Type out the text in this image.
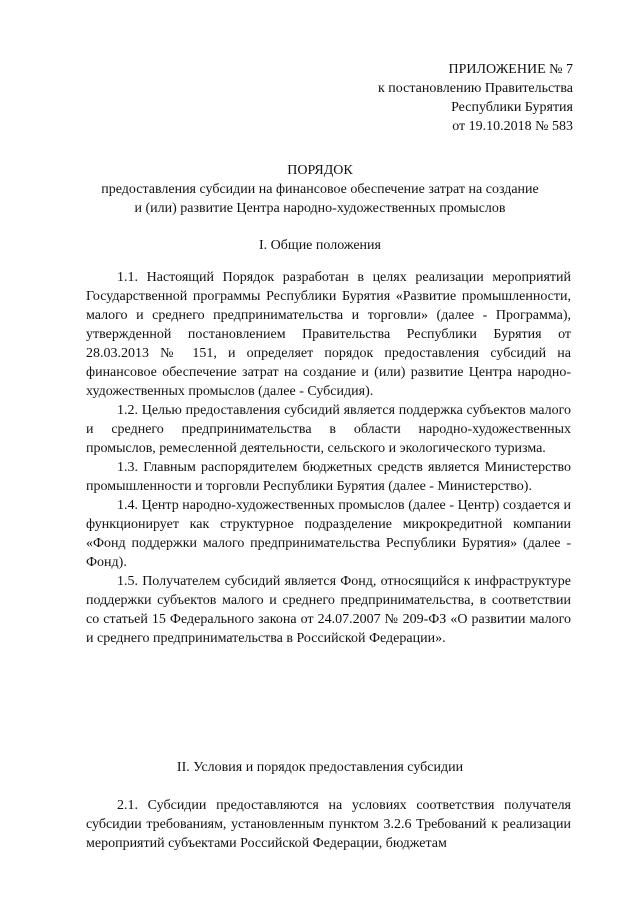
ПРИЛОЖЕНИЕ № 7
к постановлению Правительства
Республики Бурятия
от 19.10.2018 № 583
ПОРЯДОК
предоставления субсидии на финансовое обеспечение затрат на создание
и (или) развитие Центра народно-художественных промыслов
I. Общие положения

1.1. Настоящий Порядок разработан в целях реализации мероприятий Государственной программы Республики Бурятия «Развитие промышленности, малого и среднего предпринимательства и торговли» (далее - Программа), утвержденной постановлением Правительства Республики Бурятия от 28.03.2013 № 151, и определяет порядок предоставления субсидий на финансовое обеспечение затрат на создание и (или) развитие Центра народно-художественных промыслов (далее - Субсидия).

1.2. Целью предоставления субсидий является поддержка субъектов малого и среднего предпринимательства в области народно-художественных промыслов, ремесленной деятельности, сельского и экологического туризма.

1.3. Главным распорядителем бюджетных средств является Министерство промышленности и торговли Республики Бурятия (далее - Министерство).

1.4. Центр народно-художественных промыслов (далее - Центр) создается и функционирует как структурное подразделение микрокредитной компании «Фонд поддержки малого предпринимательства Республики Бурятия» (далее - Фонд).

1.5. Получателем субсидий является Фонд, относящийся к инфраструктуре поддержки субъектов малого и среднего предпринимательства, в соответствии со статьей 15 Федерального закона от 24.07.2007 № 209-ФЗ «О развитии малого и среднего предпринимательства в Российской Федерации».

II. Условия и порядок предоставления субсидии

2.1. Субсидии предоставляются на условиях соответствия получателя субсидии требованиям, установленным пунктом 3.2.6 Требований к реализации мероприятий субъектами Российской Федерации, бюджетам
